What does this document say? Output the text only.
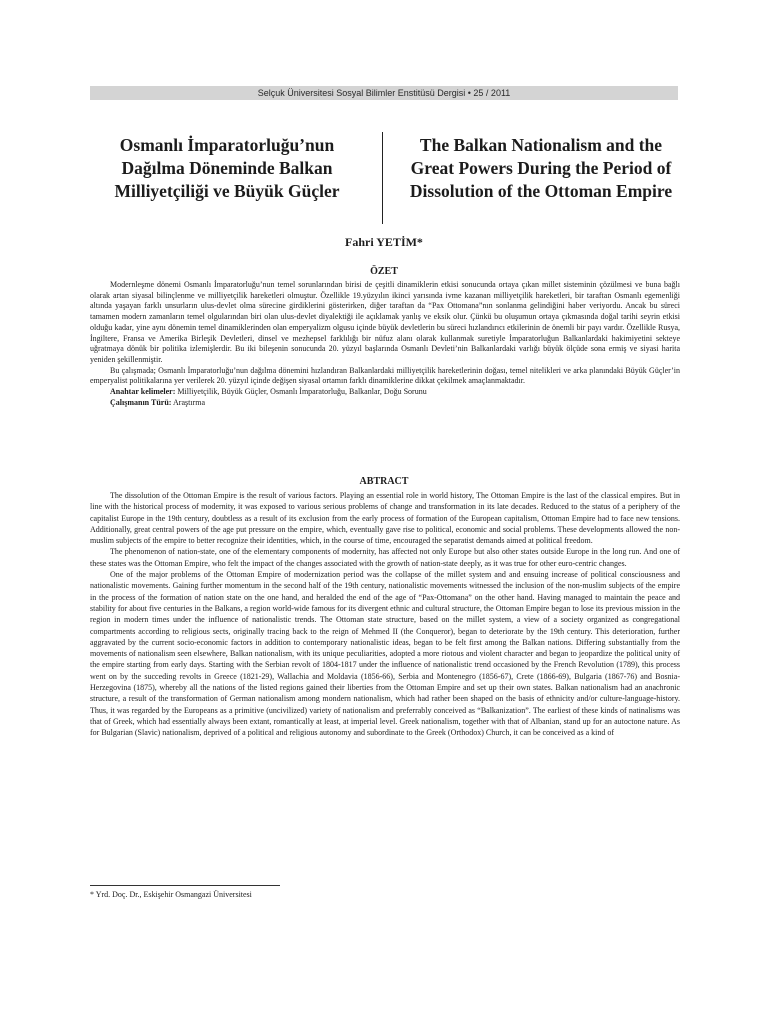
Selçuk Üniversitesi Sosyal Bilimler Enstitüsü Dergisi • 25 / 2011
Osmanlı İmparatorluğu’nun Dağılma Döneminde Balkan Milliyetçiliği ve Büyük Güçler
The Balkan Nationalism and the Great Powers During the Period of Dissolution of the Ottoman Empire
Fahri YETİM*
ÖZET

Modernleşme dönemi Osmanlı İmparatorluğu’nun temel sorunlarından birisi de çeşitli dinamiklerin etkisi sonucunda ortaya çıkan millet sisteminin çözülmesi ve buna bağlı olarak artan siyasal bilinçlenme ve milliyetçilik hareketleri olmuştur. Özellikle 19.yüzyılın ikinci yarısında ivme kazanan milliyetçilik hareketleri, bir taraftan Osmanlı egemenliği altında yaşayan farklı unsurların ulus-devlet olma sürecine girdiklerini gösterirken, diğer taraftan da “Pax Ottomana”nın sonlanma gelindiğini haber veriyordu. Ancak bu süreci tamamen modern zamanların temel olgularından biri olan ulus-devlet diyalektiği ile açıklamak yanlış ve eksik olur. Çünkü bu oluşumun ortaya çıkmasında doğal tarihi seyrin etkisi olduğu kadar, yine aynı dönemin temel dinamiklerinden olan emperyalizm olgusu içinde büyük devletlerin bu süreci hızlandırıcı etkilerinin de önemli bir payı vardır. Özellikle Rusya, İngiltere, Fransa ve Amerika Birleşik Devletleri, dinsel ve mezhepsel farklılığı bir nüfuz alanı olarak kullanmak suretiyle İmparatorluğun Balkanlardaki hakimiyetini sekteye uğratmaya dönük bir politika izlemişlerdir. Bu iki bileşenin sonucunda 20. yüzyıl başlarında Osmanlı Devleti’nin Balkanlardaki varlığı büyük ölçüde sona ermiş ve siyasi harita yeniden şekillenmiştir.

Bu çalışmada; Osmanlı İmparatorluğu’nun dağılma dönemini hızlandıran Balkanlardaki milliyetçilik hareketlerinin doğası, temel nitelikleri ve arka planındaki Büyük Güçler’in emperyalist politikalarına yer verilerek 20. yüzyıl içinde değişen siyasal ortamın farklı dinamiklerine dikkat çekilmek amaçlanmaktadır.

Anahtar kelimeler: Milliyetçilik, Büyük Güçler, Osmanlı İmparatorluğu, Balkanlar, Doğu Sorunu

Çalışmanın Türü: Araştırma

ABTRACT

The dissolution of the Ottoman Empire is the result of various factors. Playing an essential role in world history, The Ottoman Empire is the last of the classical empires. But in line with the historical process of modernity, it was exposed to various serious problems of change and transformation in its late decades. Reduced to the status of a periphery of the capitalist Europe in the 19th century, doubtless as a result of its exclusion from the early process of formation of the European capitalism, Ottoman Empire had to face new tensions. Additionally, great central powers of the age put pressure on the empire, which, eventually gave rise to political, economic and social problems. These developments allowed the non-muslim subjects of the empire to better recognize their identities, which, in the course of time, encouraged the separatist demands aimed at political freedom.

The phenomenon of nation-state, one of the elementary components of modernity, has affected not only Europe but also other states outside Europe in the long run. And one of these states was the Ottoman Empire, who felt the impact of the changes associated with the growth of nation-state deeply, as it was true for other euro-centric changes.

One of the major problems of the Ottoman Empire of modernization period was the collapse of the millet system and and ensuing increase of political consciousness and nationalistic movements. Gaining further momentum in the second half of the 19th century, nationalistic movements witnessed the inclusion of the non-muslim subjects of the empire in the process of the formation of nation state on the one hand, and heralded the end of the age of “Pax-Ottomana” on the other hand. Having managed to maintain the peace and stability for about five centuries in the Balkans, a region world-wide famous for its divergent ethnic and cultural structure, the Ottoman Empire began to lose its previous mission in the region in modern times under the influence of nationalistic trends. The Ottoman state structure, based on the millet system, a view of a society organized as congregational compartments according to religious sects, originally tracing back to the reign of Mehmed II (the Conqueror), began to deteriorate by the 19th century. This deterioration, further aggravated by the current socio-economic factors in addition to contemporary nationalistic ideas, began to be felt first among the Balkan nations. Differing substantially from the movements of nationalism seen elsewhere, Balkan nationalism, with its unique peculiarities, adopted a more riotous and violent character and began to jeopardize the political unity of the empire starting from early days. Starting with the Serbian revolt of 1804-1817 under the influence of nationalistic trend occasioned by the French Revolution (1789), this process went on by the succeding revolts in Greece (1821-29), Wallachia and Moldavia (1856-66), Serbia and Montenegro (1856-67), Crete (1866-69), Bulgaria (1867-76) and Bosnia-Herzegovina (1875), whereby all the nations of the listed regions gained their liberties from the Ottoman Empire and set up their own states. Balkan nationalism had an anachronic structure, a result of the transformation of German nationalism among mondern nationalism, which had rather been shaped on the basis of ethnicity and/or culture-language-history. Thus, it was regarded by the Europeans as a primitive (uncivilized) variety of nationalism and preferrably conceived as “Balkanization”. The earliest of these kinds of natinalisms was that of Greek, which had essentially always been extant, romantically at least, at imperial level. Greek nationalism, together with that of Albanian, stand up for an autoctone nature. As for Bulgarian (Slavic) nationalism, deprived of a political and religious autonomy and subordinate to the Greek (Orthodox) Church, it can be conceived as a kind of

* Yrd. Doç. Dr., Eskişehir Osmangazi Üniversitesi
